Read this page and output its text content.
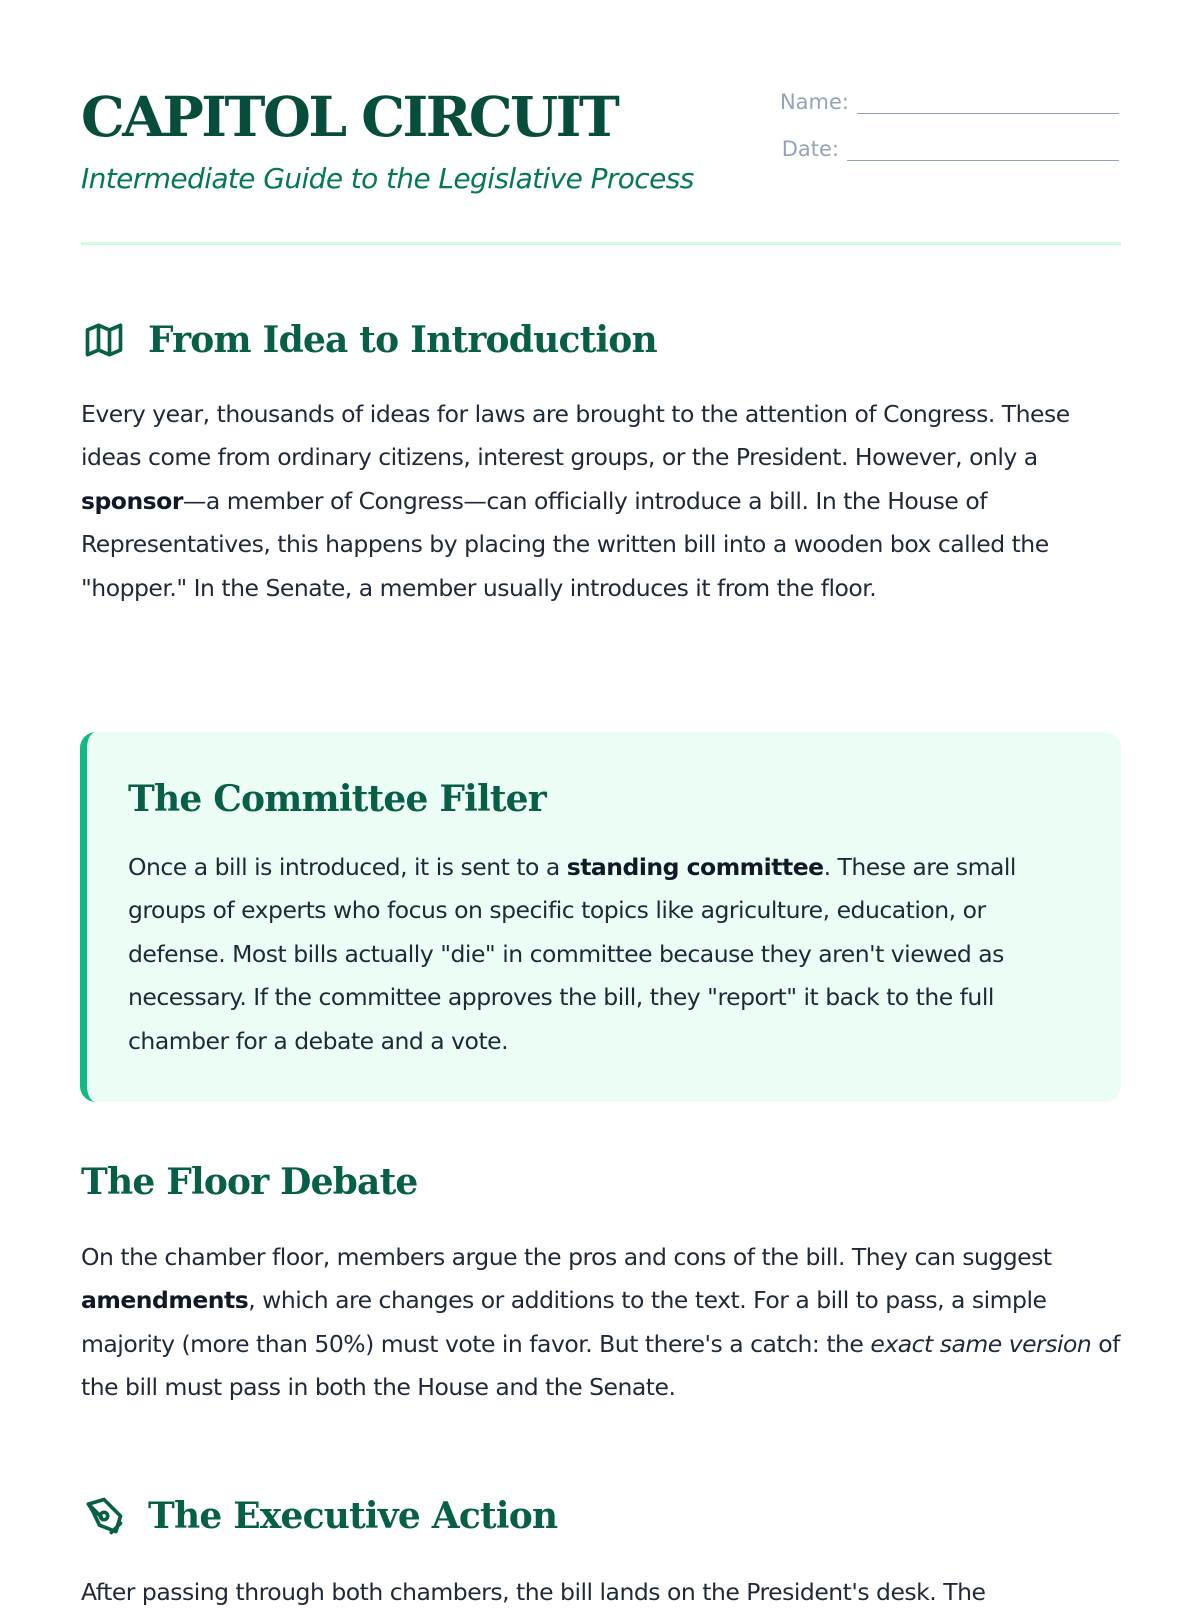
CAPITOL CIRCUIT

Intermediate Guide to the Legislative Process

Name:
Date:
From Idea to Introduction

Every year, thousands of ideas for laws are brought to the attention of Congress. These ideas come from ordinary citizens, interest groups, or the President. However, only a sponsor—a member of Congress—can officially introduce a bill. In the House of Representatives, this happens by placing the written bill into a wooden box called the "hopper." In the Senate, a member usually introduces it from the floor.

The Committee Filter

Once a bill is introduced, it is sent to a standing committee. These are small groups of experts who focus on specific topics like agriculture, education, or defense. Most bills actually "die" in committee because they aren't viewed as necessary. If the committee approves the bill, they "report" it back to the full chamber for a debate and a vote.

The Floor Debate

On the chamber floor, members argue the pros and cons of the bill. They can suggest amendments, which are changes or additions to the text. For a bill to pass, a simple majority (more than 50%) must vote in favor. But there's a catch: the exact same version of the bill must pass in both the House and the Senate.

The Executive Action

After passing through both chambers, the bill lands on the President's desk. The
